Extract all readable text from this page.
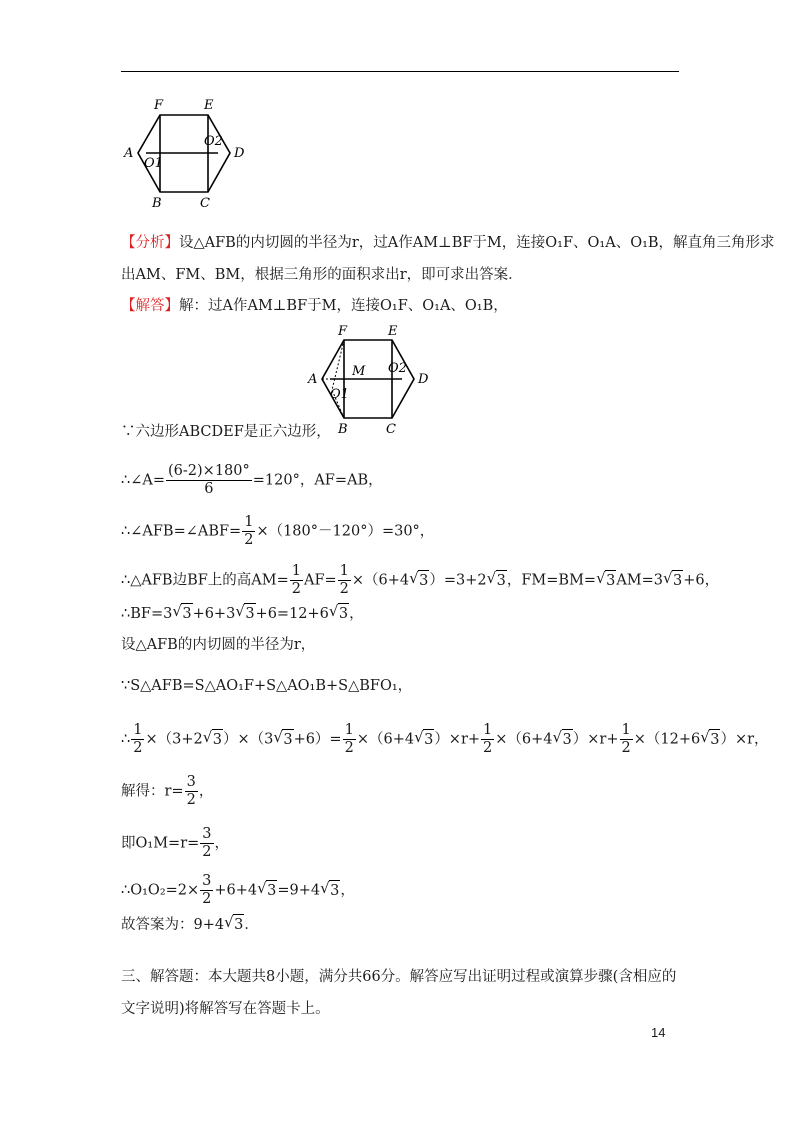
F	E
A	D
B	C
O1
O2
【分析】设△AFB的内切圆的半径为r，过A作AM⊥BF于M，连接O₁F、O₁A、O₁B，解直角三角形求
出AM、FM、BM，根据三角形的面积求出r，即可求出答案．
【解答】解：过A作AM⊥BF于M，连接O₁F、O₁A、O₁B，
F	E
A	D
B	C
M
O1
O2
∵六边形ABCDEF是正六边形，
∴∠A= $\frac{(6-2)\times 180^\circ}{6} =120^\circ$，AF=AB，
∴∠AFB=∠ABF= $\frac{1}{2} \times(180^\circ-120^\circ)=30^\circ$，
∴△AFB边BF上的高$AM= \frac{1}{2} AF= \frac{1}{2} \times(6+4√$ 3）=3+2√ 3，FM=BM=√ 3AM=3√ 3+6，
∴BF=3√ 3+6+3√ 3+6=12+6√ 3，
设△AFB的内切圆的半径为r，
∵S△AFB=S△AO₁F+S△AO₁B+S△BFO₁，
∴ $\frac{1}{2} \times(3+2√$ 3）×（3√ $3+6)= \frac{1}{2} \times(6+4√$ $3)\times r+ \frac{1}{2} \times(6+4√$ $3)\times r+ \frac{1}{2} \times(12+6√$ 3）×r，
解得：$r= \frac{3}{2}$ ，
即$O_1M=r= \frac{3}{2}$ ，
∴O₁O₂=2× $\frac{3}{2} +6+4√$ 3=9+4√ 3，
故答案为：9+4√ 3．
三、解答题：本大题共8小题，满分共66分。解答应写出证明过程或演算步骤(含相应的文字说明)将解答写在答题卡上。
14
